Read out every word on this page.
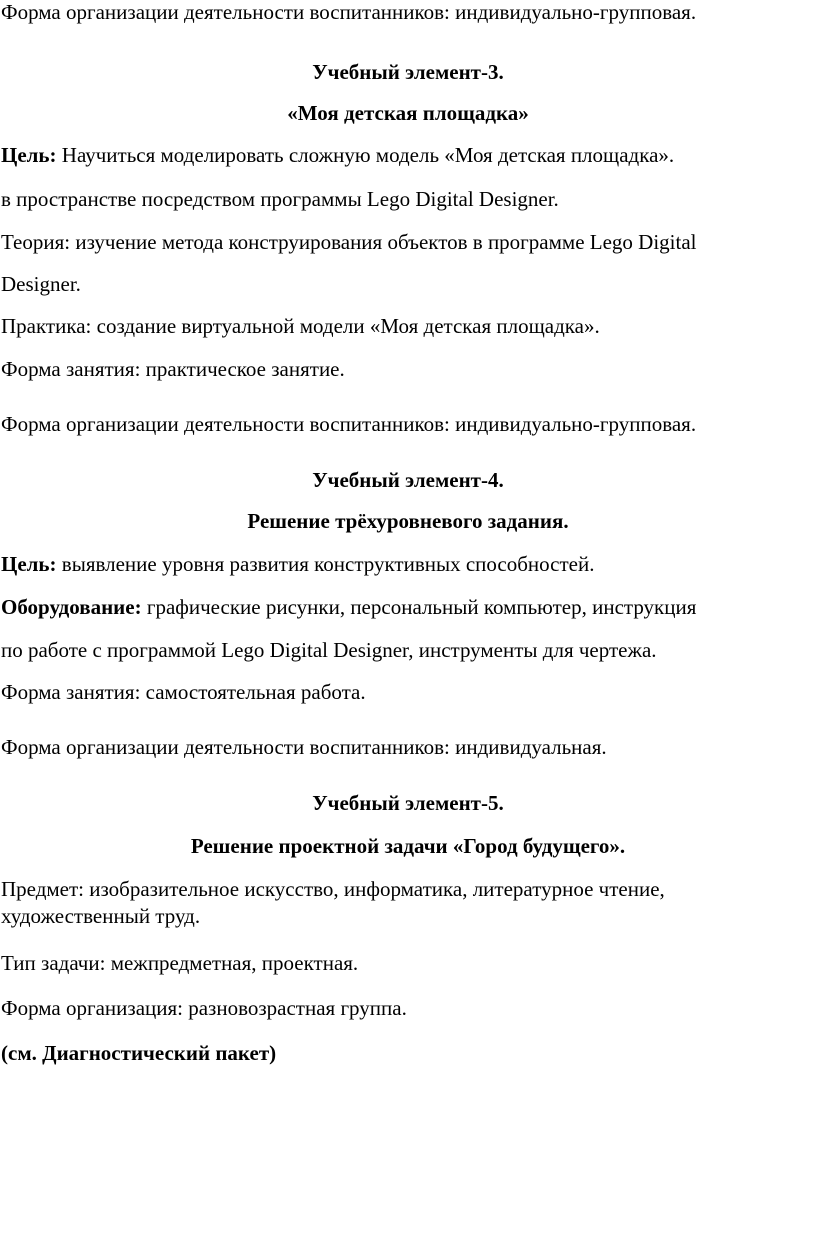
Форма организации деятельности воспитанников: индивидуально-групповая.
Учебный элемент-3.
«Моя детская площадка»
Цель: Научиться моделировать сложную модель «Моя детская площадка».
в пространстве посредством программы Lego Digital Designer.
Теория: изучение метода конструирования объектов в программе Lego Digital
Designer.
Практика: создание виртуальной модели «Моя детская площадка».
Форма занятия: практическое занятие.
Форма организации деятельности воспитанников: индивидуально-групповая.
Учебный элемент-4.
Решение трёхуровневого задания.
Цель: выявление уровня развития конструктивных способностей.
Оборудование: графические рисунки, персональный компьютер, инструкция
по работе с программой Lego Digital Designer, инструменты для чертежа.
Форма занятия: самостоятельная работа.
Форма организации деятельности воспитанников: индивидуальная.
Учебный элемент-5.
Решение проектной задачи «Город будущего».
Предмет: изобразительное искусство, информатика, литературное чтение,
художественный труд.
Тип задачи: межпредметная, проектная.
Форма организация: разновозрастная группа.
(см. Диагностический пакет)
